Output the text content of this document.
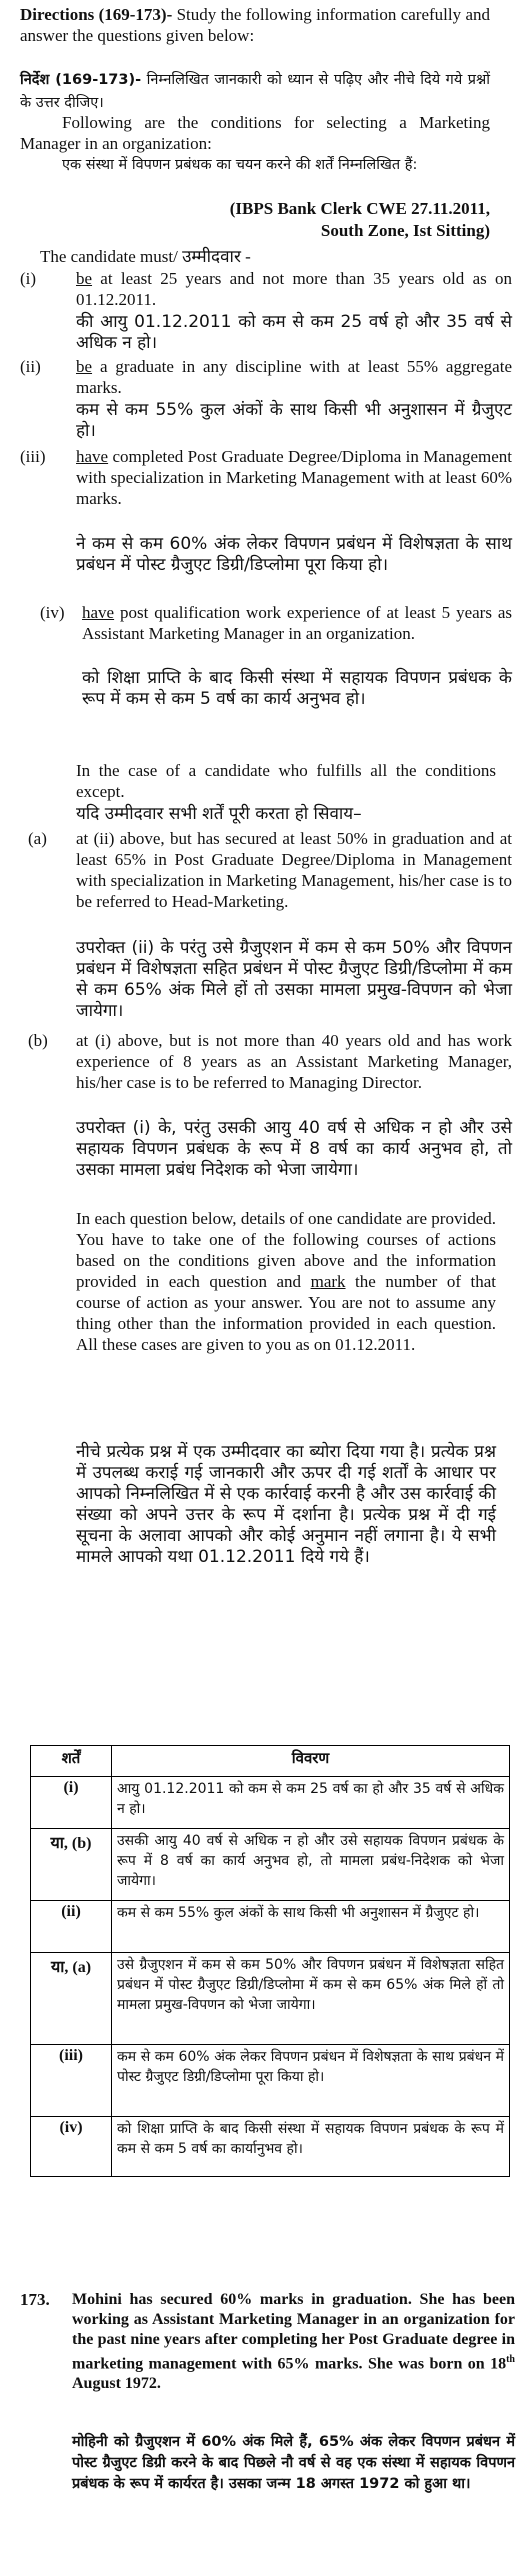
Directions (169-173)- Study the following information carefully and answer the questions given below:
निर्देश (169-173)- निम्नलिखित जानकारी को ध्यान से पढ़िए और नीचे दिये गये प्रश्नों के उत्तर दीजिए।
Following are the conditions for selecting a Marketing Manager in an organization:
एक संस्था में विपणन प्रबंधक का चयन करने की शर्तें निम्नलिखित हैं:
(IBPS Bank Clerk CWE 27.11.2011,
South Zone, Ist Sitting)
The candidate must/ उम्मीदवार -
(i)	be at least 25 years and not more than 35 years old as on 01.12.2011.
की आयु 01.12.2011 को कम से कम 25 वर्ष हो और 35 वर्ष से अधिक न हो।
(ii)	be a graduate in any discipline with at least 55% aggregate marks.
कम से कम 55% कुल अंकों के साथ किसी भी अनुशासन में ग्रैजुएट हो।
(iii)	have completed Post Graduate Degree/Diploma in Management with specialization in Marketing Management with at least 60% marks.
ने कम से कम 60% अंक लेकर विपणन प्रबंधन में विशेषज्ञता के साथ प्रबंधन में पोस्ट ग्रैजुएट डिग्री/डिप्लोमा पूरा किया हो।
(iv)	have post qualification work experience of at least 5 years as Assistant Marketing Manager in an organization.
को शिक्षा प्राप्ति के बाद किसी संस्था में सहायक विपणन प्रबंधक के रूप में कम से कम 5 वर्ष का कार्य अनुभव हो।
In the case of a candidate who fulfills all the conditions except.
यदि उम्मीदवार सभी शर्तें पूरी करता हो सिवाय–
(a)	at (ii) above, but has secured at least 50% in graduation and at least 65% in Post Graduate Degree/Diploma in Management with specialization in Marketing Management, his/her case is to be referred to Head-Marketing.
उपरोक्त (ii) के परंतु उसे ग्रैजुएशन में कम से कम 50% और विपणन प्रबंधन में विशेषज्ञता सहित प्रबंधन में पोस्ट ग्रैजुएट डिग्री/डिप्लोमा में कम से कम 65% अंक मिले हों तो उसका मामला प्रमुख-विपणन को भेजा जायेगा।
(b)	at (i) above, but is not more than 40 years old and has work experience of 8 years as an Assistant Marketing Manager, his/her case is to be referred to Managing Director.
उपरोक्त (i) के, परंतु उसकी आयु 40 वर्ष से अधिक न हो और उसे सहायक विपणन प्रबंधक के रूप में 8 वर्ष का कार्य अनुभव हो, तो उसका मामला प्रबंध निदेशक को भेजा जायेगा।
In each question below, details of one candidate are provided. You have to take one of the following courses of actions based on the conditions given above and the information provided in each question and mark the number of that course of action as your answer. You are not to assume any thing other than the information provided in each question. All these cases are given to you as on 01.12.2011.
नीचे प्रत्येक प्रश्न में एक उम्मीदवार का ब्योरा दिया गया है। प्रत्येक प्रश्न में उपलब्ध कराई गई जानकारी और ऊपर दी गई शर्तों के आधार पर आपको निम्नलिखित में से एक कार्रवाई करनी है और उस कार्रवाई की संख्या को अपने उत्तर के रूप में दर्शाना है। प्रत्येक प्रश्न में दी गई सूचना के अलावा आपको और कोई अनुमान नहीं लगाना है। ये सभी मामले आपको यथा 01.12.2011 दिये गये हैं।
शर्तें	विवरण
(i)	आयु 01.12.2011 को कम से कम 25 वर्ष का हो और 35 वर्ष से अधिक न हो।
या, (b)	उसकी आयु 40 वर्ष से अधिक न हो और उसे सहायक विपणन प्रबंधक के रूप में 8 वर्ष का कार्य अनुभव हो, तो मामला प्रबंध-निदेशक को भेजा जायेगा।
(ii)	कम से कम 55% कुल अंकों के साथ किसी भी अनुशासन में ग्रैजुएट हो।
या, (a)	उसे ग्रैजुएशन में कम से कम 50% और विपणन प्रबंधन में विशेषज्ञता सहित प्रबंधन में पोस्ट ग्रैजुएट डिग्री/डिप्लोमा में कम से कम 65% अंक मिले हों तो मामला प्रमुख-विपणन को भेजा जायेगा।
(iii)	कम से कम 60% अंक लेकर विपणन प्रबंधन में विशेषज्ञता के साथ प्रबंधन में पोस्ट ग्रैजुएट डिग्री/डिप्लोमा पूरा किया हो।
(iv)	को शिक्षा प्राप्ति के बाद किसी संस्था में सहायक विपणन प्रबंधक के रूप में कम से कम 5 वर्ष का कार्यानुभव हो।
173. Mohini has secured 60% marks in graduation. She has been working as Assistant Marketing Manager in an organization for the past nine years after completing her Post Graduate degree in marketing management with 65% marks. She was born on 18th August 1972.
मोहिनी को ग्रैजुएशन में 60% अंक मिले हैं, 65% अंक लेकर विपणन प्रबंधन में पोस्ट ग्रैजुएट डिग्री करने के बाद पिछले नौ वर्ष से वह एक संस्था में सहायक विपणन प्रबंधक के रूप में कार्यरत है। उसका जन्म 18 अगस्त 1972 को हुआ था।
